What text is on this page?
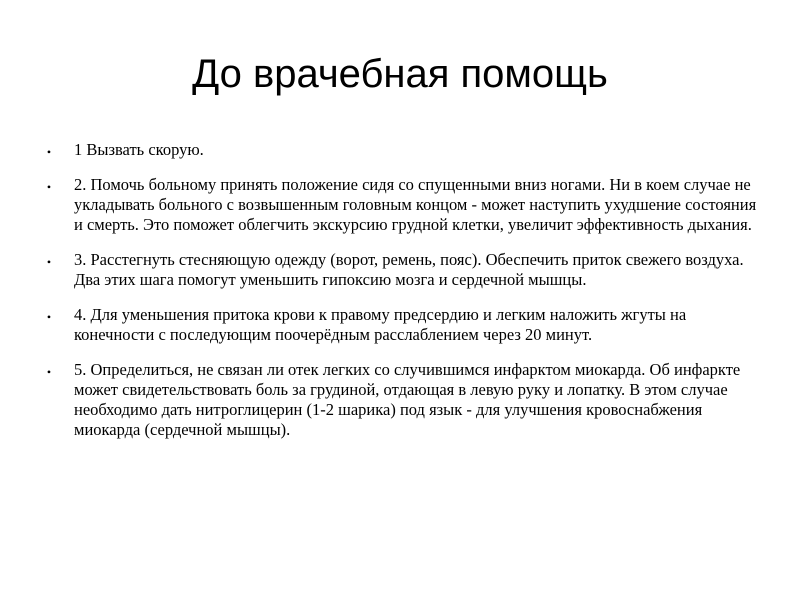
До врачебная помощь
• 1 Вызвать скорую.
• 2. Помочь больному принять положение сидя со спущенными вниз ногами. Ни в коем случае не укладывать больного с возвышенным головным концом - может наступить ухудшение состояния и смерть. Это поможет облегчить экскурсию грудной клетки, увеличит эффективность дыхания.
• 3. Расстегнуть стесняющую одежду (ворот, ремень, пояс). Обеспечить приток свежего воздуха. Два этих шага помогут уменьшить гипоксию мозга и сердечной мышцы.
• 4. Для уменьшения притока крови к правому предсердию и легким наложить жгуты на конечности с последующим поочерёдным расслаблением через 20 минут.
• 5. Определиться, не связан ли отек легких со случившимся инфарктом миокарда. Об инфаркте может свидетельствовать боль за грудиной, отдающая в левую руку и лопатку. В этом случае необходимо дать нитроглицерин (1-2 шарика) под язык - для улучшения кровоснабжения миокарда (сердечной мышцы).
